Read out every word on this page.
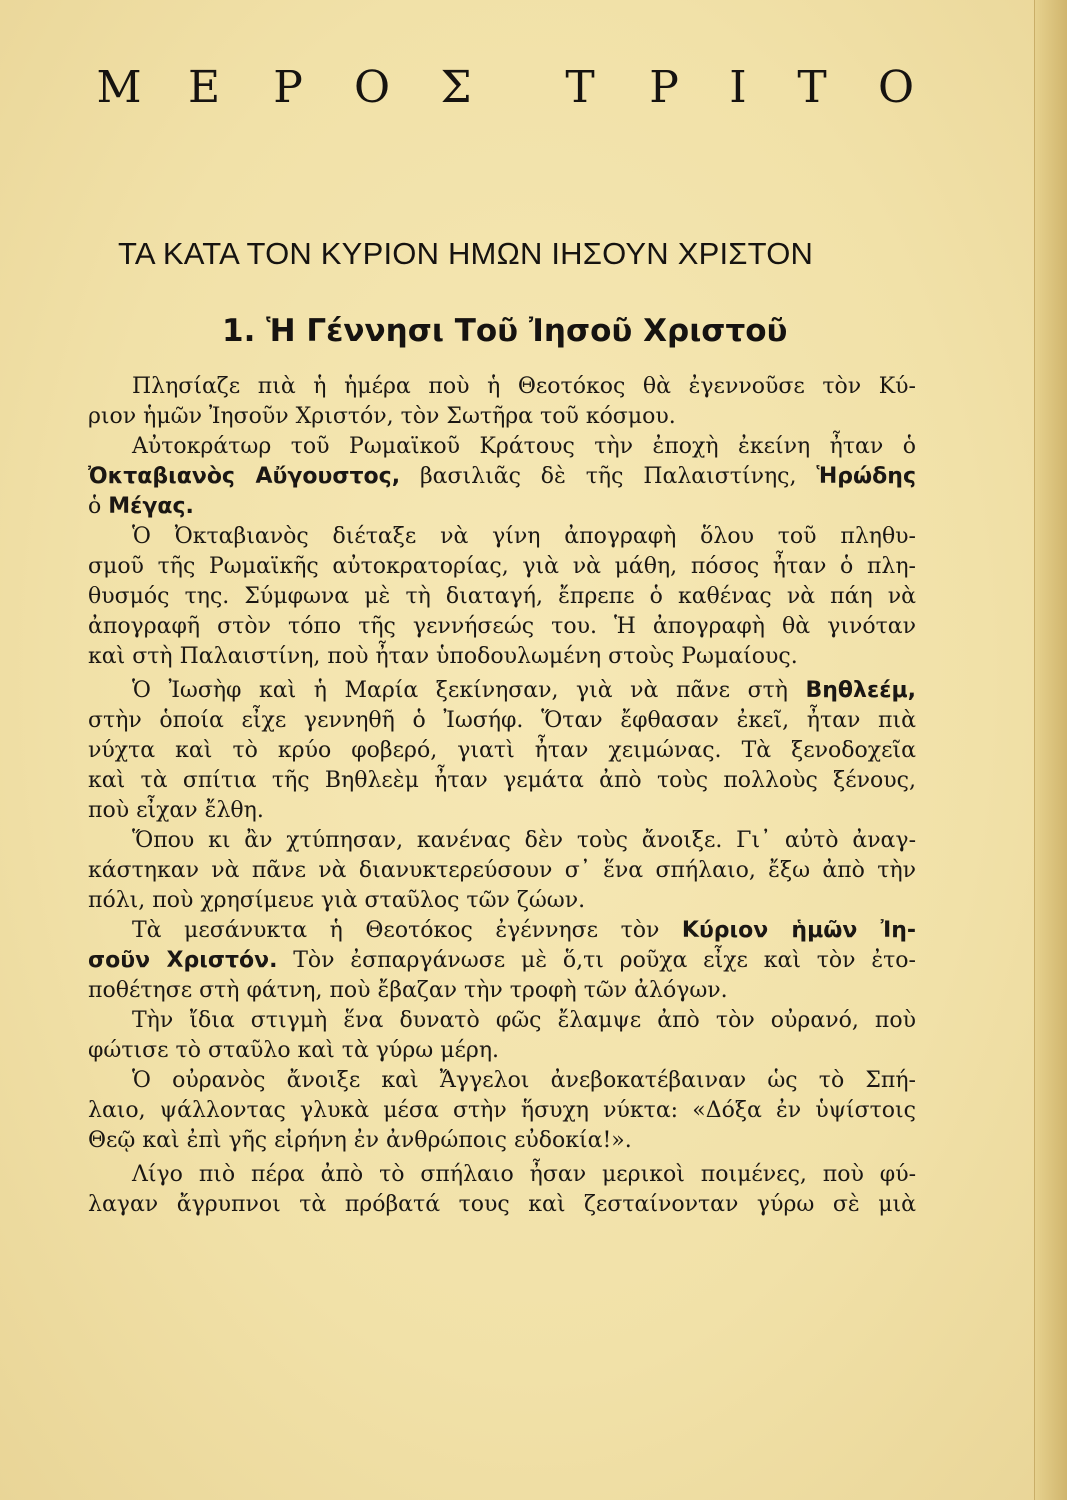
Μ Ε Ρ Ο Σ Τ Ρ Ι Τ Ο
ΤΑ ΚΑΤΑ ΤΟΝ ΚΥΡΙΟΝ ΗΜΩΝ ΙΗΣΟΥΝ ΧΡΙΣΤΟΝ
1. Ἡ Γέννησι Τοῦ Ἰησοῦ Χριστοῦ
Πλησίαζε πιὰ ἡ ἡμέρα ποὺ ἡ Θεοτόκος θὰ ἐγεννοῦσε τὸν Κύ-
ριον ἡμῶν Ἰησοῦν Χριστόν, τὸν Σωτῆρα τοῦ κόσμου.
Αὐτοκράτωρ τοῦ Ρωμαϊκοῦ Κράτους τὴν ἐποχὴ ἐκείνη ἦταν ὁ
Ὀκταβιανὸς Αὔγουστος, βασιλιᾶς δὲ τῆς Παλαιστίνης, Ἡρώδης
ὁ Μέγας.
Ὁ Ὀκταβιανὸς διέταξε νὰ γίνη ἀπογραφὴ ὅλου τοῦ πληθυ-
σμοῦ τῆς Ρωμαϊκῆς αὐτοκρατορίας, γιὰ νὰ μάθη, πόσος ἦταν ὁ πλη-
θυσμός της. Σύμφωνα μὲ τὴ διαταγή, ἔπρεπε ὁ καθένας νὰ πάη νὰ
ἀπογραφῆ στὸν τόπο τῆς γεννήσεώς του. Ἡ ἀπογραφὴ θὰ γινόταν
καὶ στὴ Παλαιστίνη, ποὺ ἦταν ὑποδουλωμένη στοὺς Ρωμαίους.
Ὁ Ἰωσὴφ καὶ ἡ Μαρία ξεκίνησαν, γιὰ νὰ πᾶνε στὴ Βηθλεέμ,
στὴν ὁποία εἶχε γεννηθῆ ὁ Ἰωσήφ. Ὅταν ἔφθασαν ἐκεῖ, ἦταν πιὰ
νύχτα καὶ τὸ κρύο φοβερό, γιατὶ ἦταν χειμώνας. Τὰ ξενοδοχεῖα
καὶ τὰ σπίτια τῆς Βηθλεὲμ ἦταν γεμάτα ἀπὸ τοὺς πολλοὺς ξένους,
ποὺ εἶχαν ἔλθη.
Ὅπου κι ἂν χτύπησαν, κανένας δὲν τοὺς ἄνοιξε. Γι᾿ αὐτὸ ἀναγ-
κάστηκαν νὰ πᾶνε νὰ διανυκτερεύσουν σ᾿ ἕνα σπήλαιο, ἔξω ἀπὸ τὴν
πόλι, ποὺ χρησίμευε γιὰ σταῦλος τῶν ζώων.
Τὰ μεσάνυκτα ἡ Θεοτόκος ἐγέννησε τὸν Κύριον ἡμῶν Ἰη-
σοῦν Χριστόν. Τὸν ἐσπαργάνωσε μὲ ὅ,τι ροῦχα εἶχε καὶ τὸν ἐτο-
ποθέτησε στὴ φάτνη, ποὺ ἔβαζαν τὴν τροφὴ τῶν ἀλόγων.
Τὴν ἴδια στιγμὴ ἕνα δυνατὸ φῶς ἔλαμψε ἀπὸ τὸν οὐρανό, ποὺ
φώτισε τὸ σταῦλο καὶ τὰ γύρω μέρη.
Ὁ οὐρανὸς ἄνοιξε καὶ Ἄγγελοι ἀνεβοκατέβαιναν ὡς τὸ Σπή-
λαιο, ψάλλοντας γλυκὰ μέσα στὴν ἥσυχη νύκτα: «Δόξα ἐν ὑψίστοις
Θεῷ καὶ ἐπὶ γῆς εἰρήνη ἐν ἀνθρώποις εὐδοκία!».
Λίγο πιὸ πέρα ἀπὸ τὸ σπήλαιο ἦσαν μερικοὶ ποιμένες, ποὺ φύ-
λαγαν ἄγρυπνοι τὰ πρόβατά τους καὶ ζεσταίνονταν γύρω σὲ μιὰ
